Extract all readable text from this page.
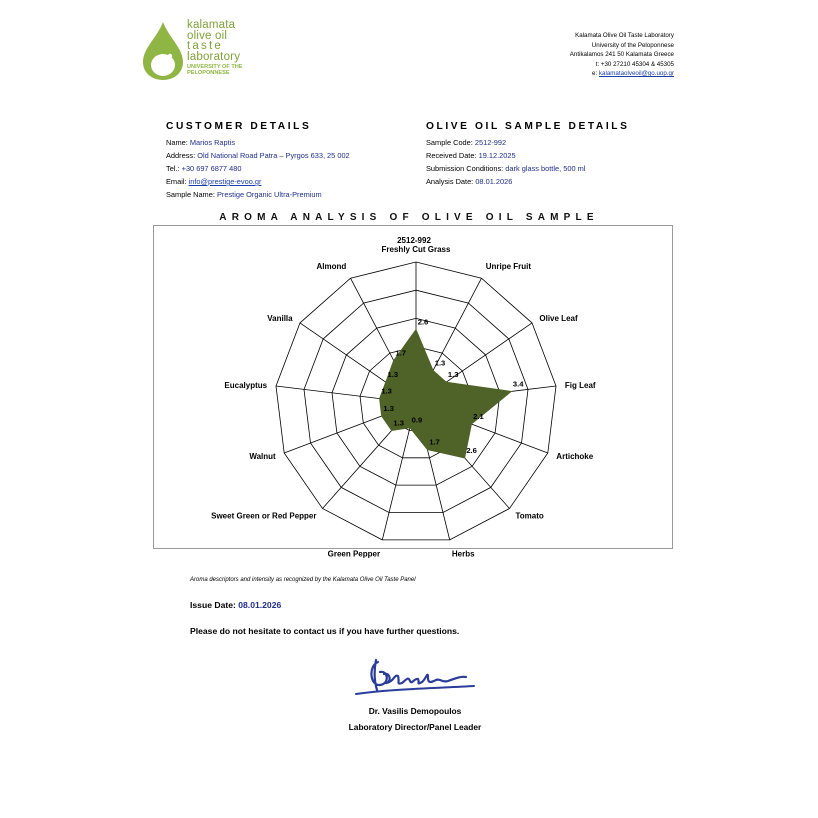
kalamata
olive oil
taste
laboratory
UNIVERSITY OF THE
PELOPONNESE
Kalamata Olive Oil Taste Laboratory
University of the Peloponnese
Antikalamos 241 50 Kalamata Greece
t: +30 27210 45304 & 45305
e: kalamataolveoil@go.uop.gr
CUSTOMER DETAILS
Name: Marios Raptis
Address: Old National Road Patra – Pyrgos 633, 25 002
Tel.: +30 697 6877 480
Email: info@prestige-evoo.gr
Sample Name: Prestige Organic Ultra-Premium
OLIVE OIL SAMPLE DETAILS
Sample Code: 2512-992
Received Date: 19.12.2025
Submission Conditions: dark glass bottle, 500 ml
Analysis Date: 08.01.2026
AROMA ANALYSIS OF OLIVE OIL SAMPLE
2512-992
2.6
1.3
1.3
3.4
2.1
2.6
1.7
0.9
1.3
1.3
1.3
1.3
1.7
Freshly Cut Grass
Unripe Fruit
Olive Leaf
Fig Leaf
Artichoke
Tomato
Herbs
Green Pepper
Sweet Green or Red Pepper
Walnut
Eucalyptus
Vanilla
Almond
Aroma descriptors and intensity as recognized by the Kalamata Olive Oil Taste Panel
Issue Date: 08.01.2026
Please do not hesitate to contact us if you have further questions.
Dr. Vasilis Demopoulos
Laboratory Director/Panel Leader
